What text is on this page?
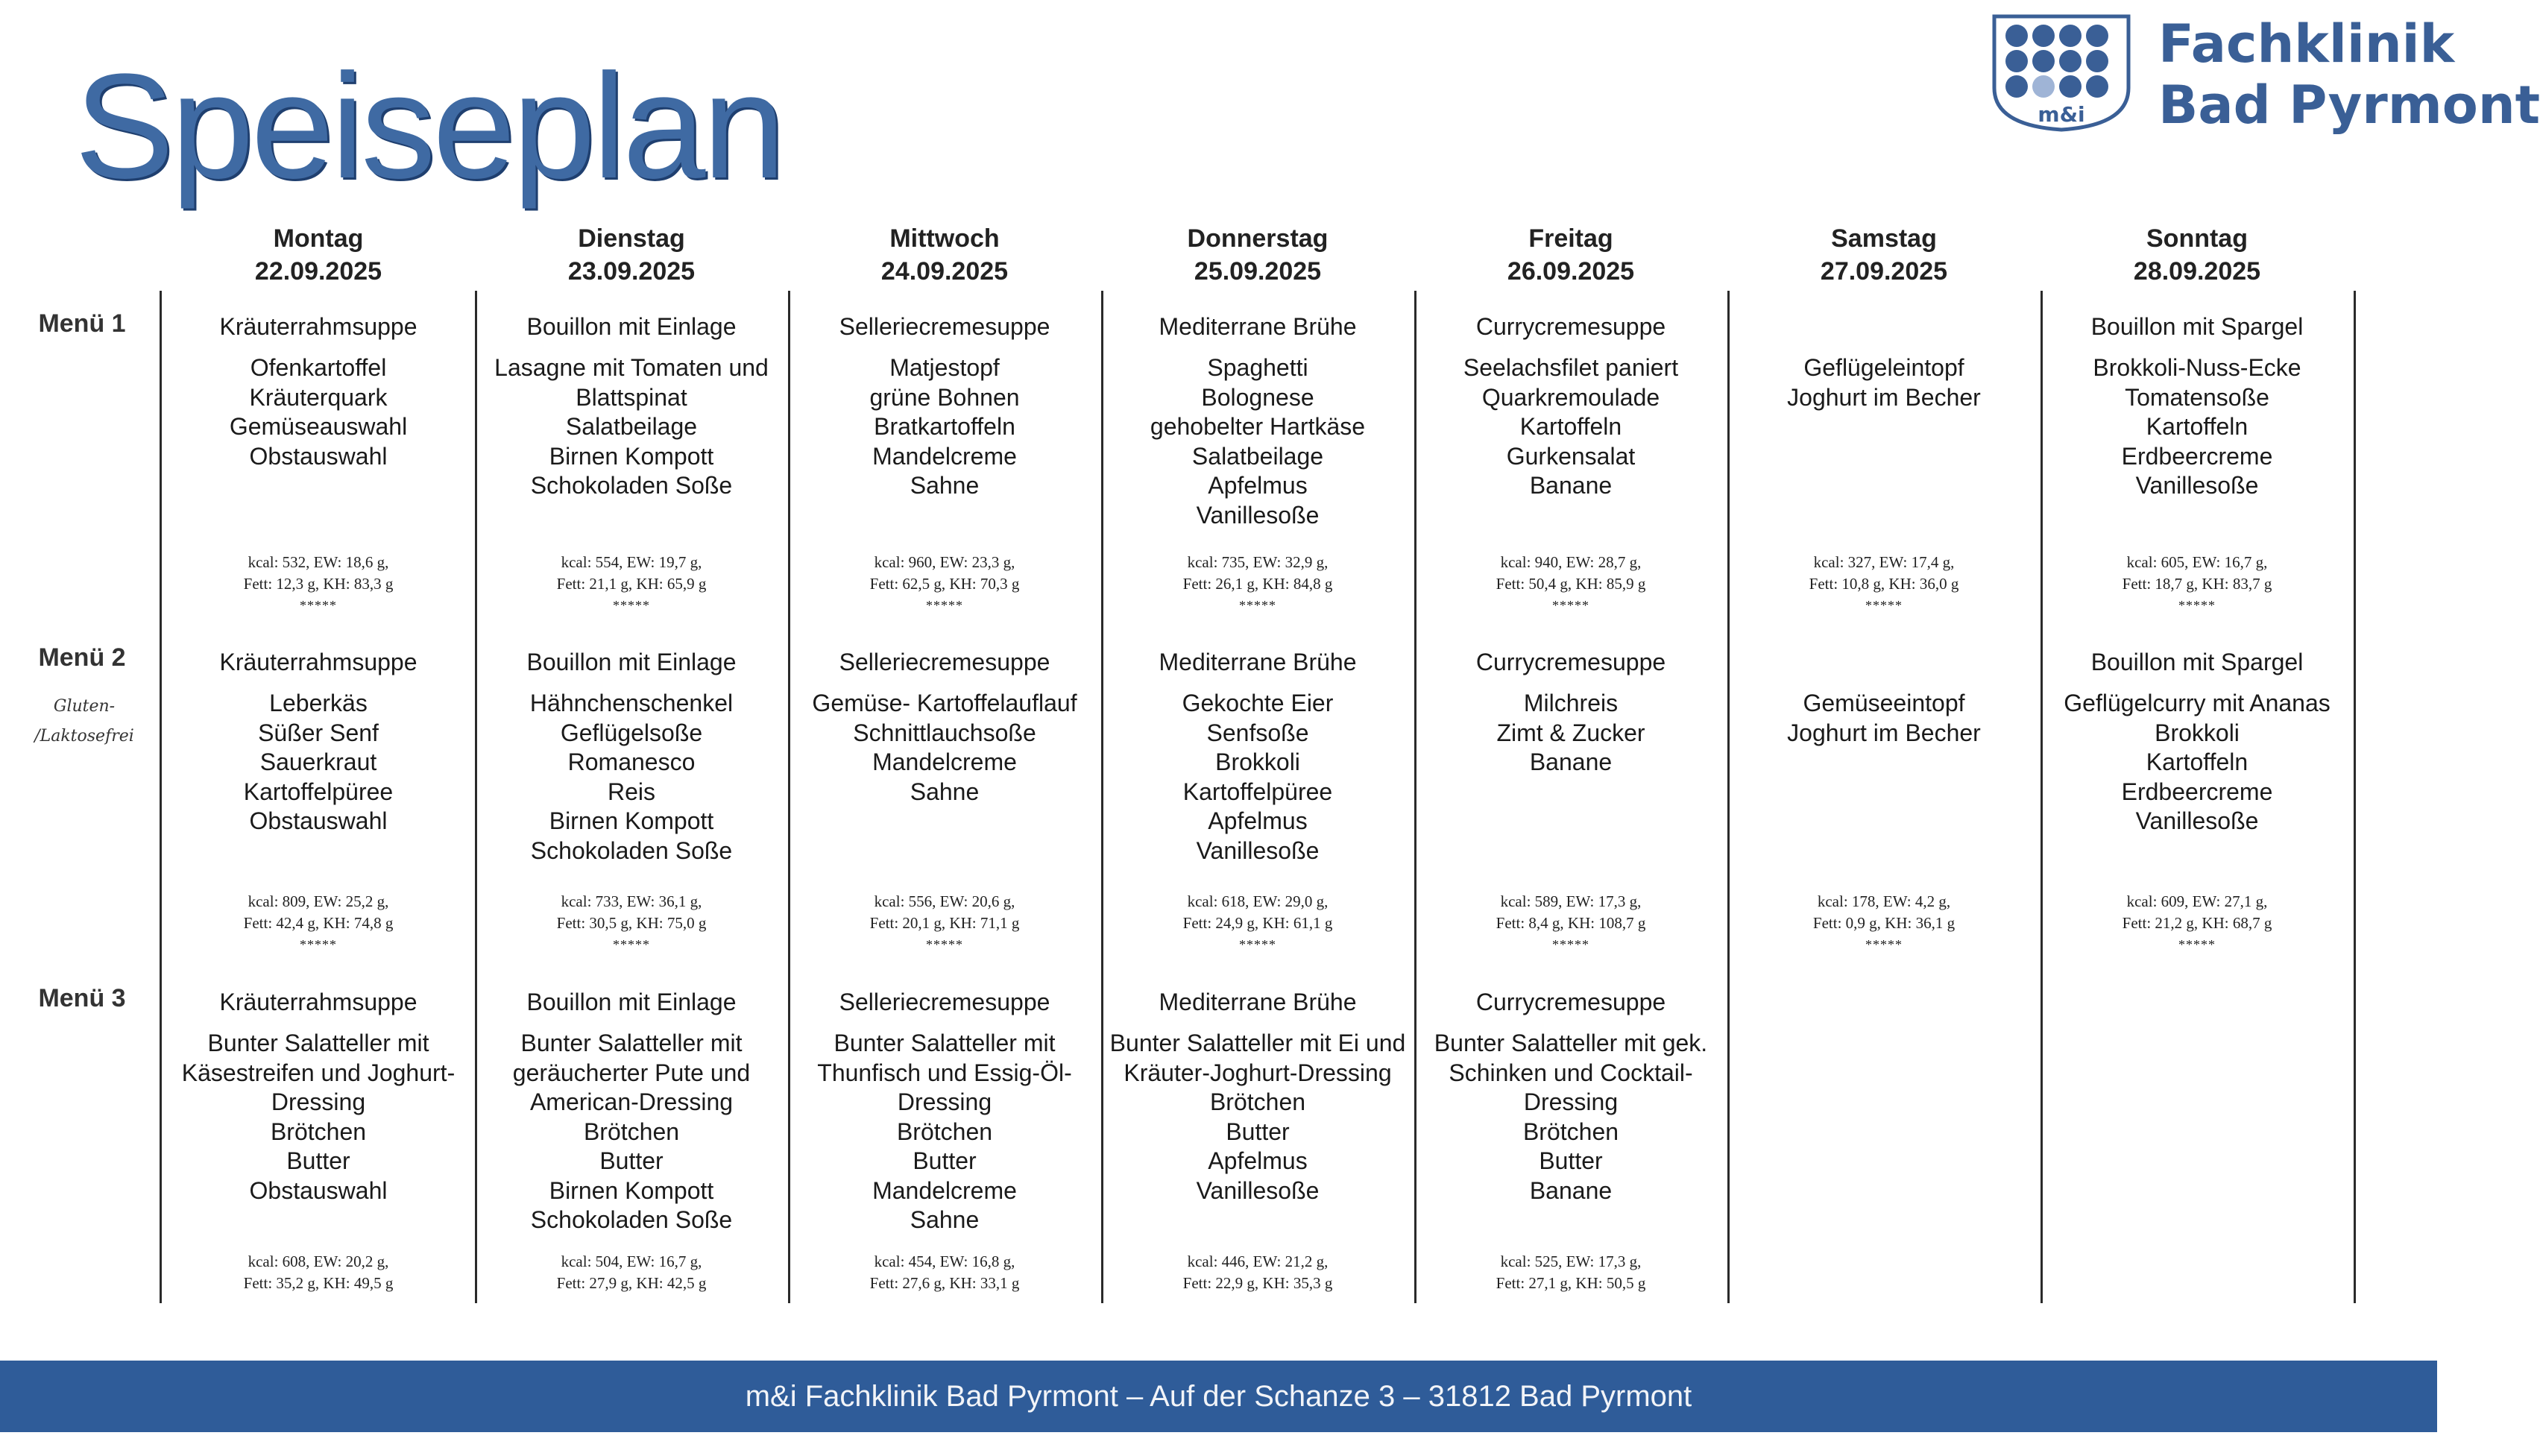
Speiseplan	m&i
Fachklinik
Bad Pyrmont
Montag
22.09.2025
Dienstag
23.09.2025
Mittwoch
24.09.2025
Donnerstag
25.09.2025
Freitag
26.09.2025
Samstag
27.09.2025
Sonntag
28.09.2025
Menü 1
Menü 2
Gluten-
/Laktosefrei
Menü 3
Kräuterrahmsuppe
Ofenkartoffel
Kräuterquark
Gemüseauswahl
Obstauswahl
kcal: 532, EW: 18,6 g,
Fett: 12,3 g, KH: 83,3 g
*****
Bouillon mit Einlage
Lasagne mit Tomaten und
Blattspinat
Salatbeilage
Birnen Kompott
Schokoladen Soße
kcal: 554, EW: 19,7 g,
Fett: 21,1 g, KH: 65,9 g
*****
Selleriecremesuppe
Matjestopf
grüne Bohnen
Bratkartoffeln
Mandelcreme
Sahne
kcal: 960, EW: 23,3 g,
Fett: 62,5 g, KH: 70,3 g
*****
Mediterrane Brühe
Spaghetti
Bolognese
gehobelter Hartkäse
Salatbeilage
Apfelmus
Vanillesoße
kcal: 735, EW: 32,9 g,
Fett: 26,1 g, KH: 84,8 g
*****
Currycremesuppe
Seelachsfilet paniert
Quarkremoulade
Kartoffeln
Gurkensalat
Banane
kcal: 940, EW: 28,7 g,
Fett: 50,4 g, KH: 85,9 g
*****
Geflügeleintopf
Joghurt im Becher
kcal: 327, EW: 17,4 g,
Fett: 10,8 g, KH: 36,0 g
*****
Bouillon mit Spargel
Brokkoli-Nuss-Ecke
Tomatensoße
Kartoffeln
Erdbeercreme
Vanillesoße
kcal: 605, EW: 16,7 g,
Fett: 18,7 g, KH: 83,7 g
*****
Kräuterrahmsuppe
Leberkäs
Süßer Senf
Sauerkraut
Kartoffelpüree
Obstauswahl
kcal: 809, EW: 25,2 g,
Fett: 42,4 g, KH: 74,8 g
*****
Bouillon mit Einlage
Hähnchenschenkel
Geflügelsoße
Romanesco
Reis
Birnen Kompott
Schokoladen Soße
kcal: 733, EW: 36,1 g,
Fett: 30,5 g, KH: 75,0 g
*****
Selleriecremesuppe
Gemüse- Kartoffelauflauf
Schnittlauchsoße
Mandelcreme
Sahne
kcal: 556, EW: 20,6 g,
Fett: 20,1 g, KH: 71,1 g
*****
Mediterrane Brühe
Gekochte Eier
Senfsoße
Brokkoli
Kartoffelpüree
Apfelmus
Vanillesoße
kcal: 618, EW: 29,0 g,
Fett: 24,9 g, KH: 61,1 g
*****
Currycremesuppe
Milchreis
Zimt & Zucker
Banane
kcal: 589, EW: 17,3 g,
Fett: 8,4 g, KH: 108,7 g
*****
Gemüseeintopf
Joghurt im Becher
kcal: 178, EW: 4,2 g,
Fett: 0,9 g, KH: 36,1 g
*****
Bouillon mit Spargel
Geflügelcurry mit Ananas
Brokkoli
Kartoffeln
Erdbeercreme
Vanillesoße
kcal: 609, EW: 27,1 g,
Fett: 21,2 g, KH: 68,7 g
*****
Kräuterrahmsuppe
Bunter Salatteller mit
Käsestreifen und Joghurt-
Dressing
Brötchen
Butter
Obstauswahl
kcal: 608, EW: 20,2 g,
Fett: 35,2 g, KH: 49,5 g
Bouillon mit Einlage
Bunter Salatteller mit
geräucherter Pute und
American-Dressing
Brötchen
Butter
Birnen Kompott
Schokoladen Soße
kcal: 504, EW: 16,7 g,
Fett: 27,9 g, KH: 42,5 g
Selleriecremesuppe
Bunter Salatteller mit
Thunfisch und Essig-Öl-
Dressing
Brötchen
Butter
Mandelcreme
Sahne
kcal: 454, EW: 16,8 g,
Fett: 27,6 g, KH: 33,1 g
Mediterrane Brühe
Bunter Salatteller mit Ei und
Kräuter-Joghurt-Dressing
Brötchen
Butter
Apfelmus
Vanillesoße
kcal: 446, EW: 21,2 g,
Fett: 22,9 g, KH: 35,3 g
Currycremesuppe
Bunter Salatteller mit gek.
Schinken und Cocktail-
Dressing
Brötchen
Butter
Banane
kcal: 525, EW: 17,3 g,
Fett: 27,1 g, KH: 50,5 g
m&i Fachklinik Bad Pyrmont – Auf der Schanze 3 – 31812 Bad Pyrmont
